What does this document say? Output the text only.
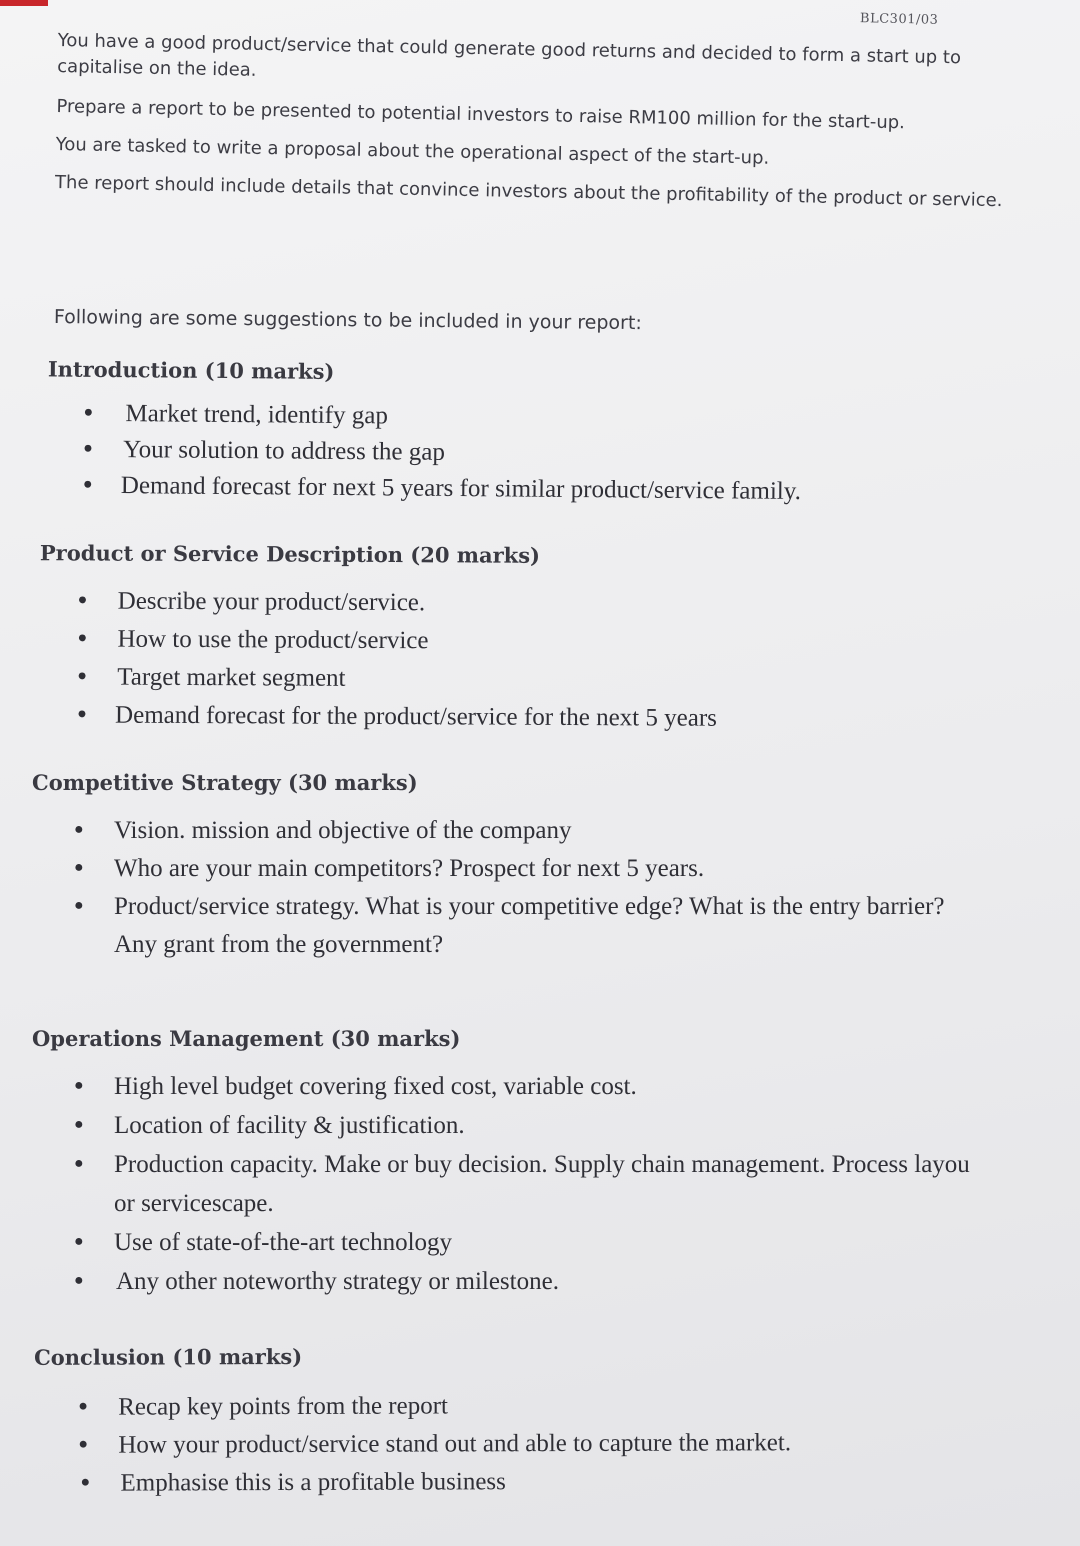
BLC301/03

You have a good product/service that could generate good returns and decided to form a start up to capitalise on the idea.

Prepare a report to be presented to potential investors to raise RM100 million for the start-up.

You are tasked to write a proposal about the operational aspect of the start-up.

The report should include details that convince investors about the profitability of the product or service.

Following are some suggestions to be included in your report:
Introduction (10 marks)
● Market trend, identify gap
● Your solution to address the gap
● Demand forecast for next 5 years for similar product/service family.
Product or Service Description (20 marks)
● Describe your product/service.
● How to use the product/service
● Target market segment
● Demand forecast for the product/service for the next 5 years
Competitive Strategy (30 marks)
● Vision. mission and objective of the company
● Who are your main competitors? Prospect for next 5 years.
● Product/service strategy. What is your competitive edge? What is the entry barrier?
Any grant from the government?
Operations Management (30 marks)
● High level budget covering fixed cost, variable cost.
● Location of facility & justification.
● Production capacity. Make or buy decision. Supply chain management. Process layou
or servicescape.
● Use of state-of-the-art technology
● Any other noteworthy strategy or milestone.
Conclusion (10 marks)
● Recap key points from the report
● How your product/service stand out and able to capture the market.
● Emphasise this is a profitable business
